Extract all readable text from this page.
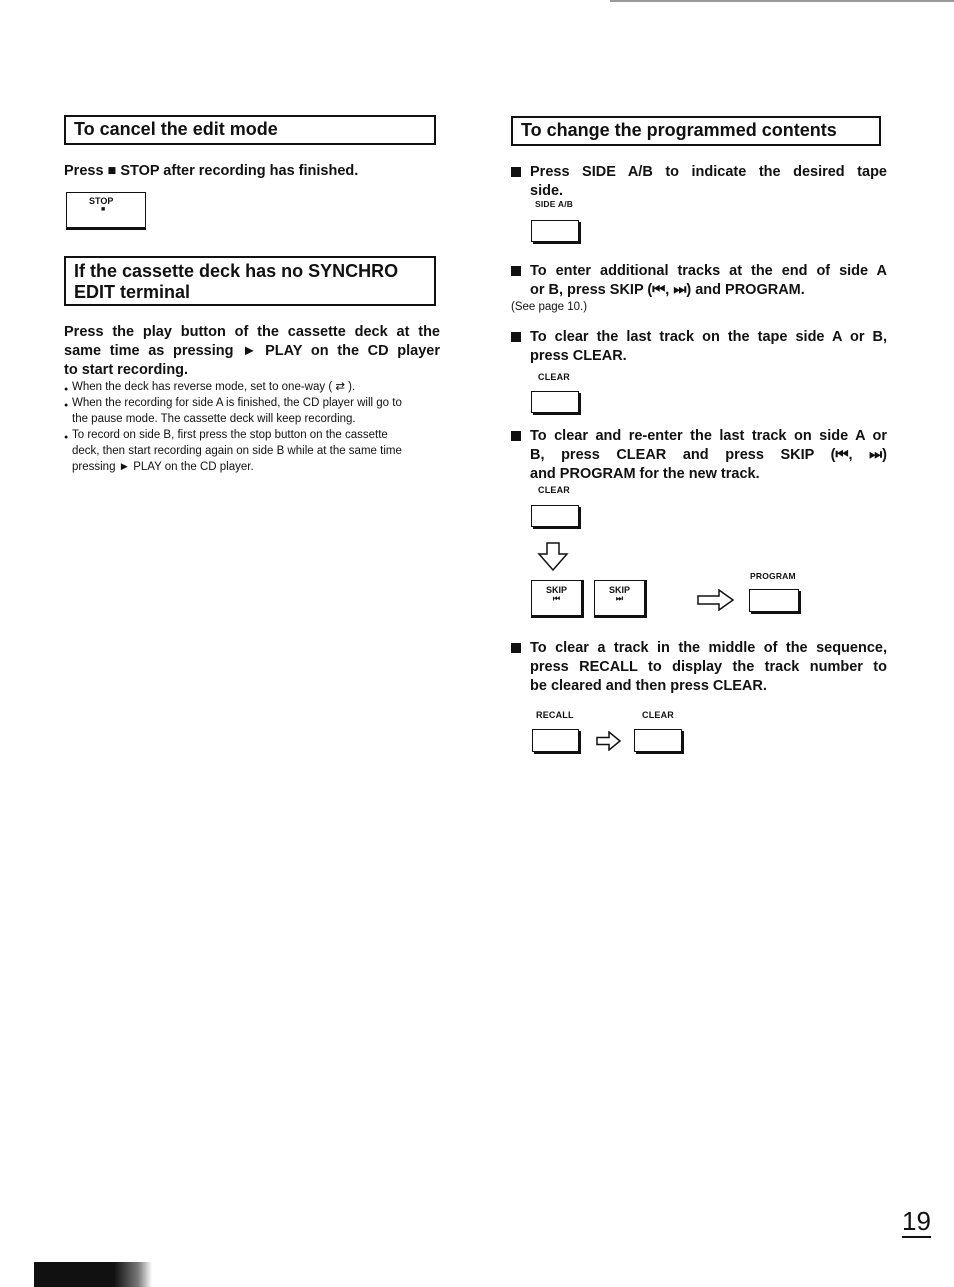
To cancel the edit mode
Press ■ STOP after recording has finished.
STOP
■
If the cassette deck has no SYNCHRO
EDIT terminal
Press the play button of the cassette deck at the
same time as pressing ► PLAY on the CD player
to start recording.
● When the deck has reverse mode, set to one-way ( ⇄ ).
● When the recording for side A is finished, the CD player will go to
the pause mode. The cassette deck will keep recording.
● To record on side B, first press the stop button on the cassette
deck, then start recording again on side B while at the same time
pressing ► PLAY on the CD player.
To change the programmed contents
Press SIDE A/B to indicate the desired tape
side.
SIDE A/B
To enter additional tracks at the end of side A
or B, press SKIP (⏮, ⏭) and PROGRAM.
(See page 10.)
To clear the last track on the tape side A or B,
press CLEAR.
CLEAR
To clear and re-enter the last track on side A or
B, press CLEAR and press SKIP (⏮, ⏭)
and PROGRAM for the new track.
CLEAR
SKIP
⏮
SKIP
⏭
PROGRAM
To clear a track in the middle of the sequence,
press RECALL to display the track number to
be cleared and then press CLEAR.
RECALL	CLEAR
19
